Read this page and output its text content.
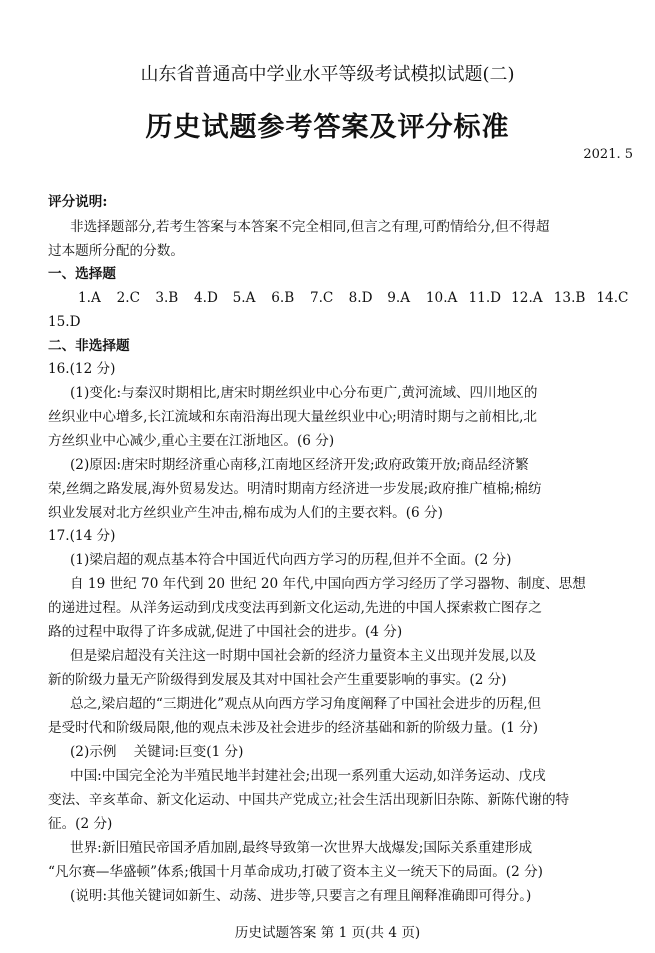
山东省普通高中学业水平等级考试模拟试题(二)
历史试题参考答案及评分标准
2021. 5
评分说明:
非选择题部分,若考生答案与本答案不完全相同,但言之有理,可酌情给分,但不得超
过本题所分配的分数。
一、选择题
1.A	2.C	3.B	4.D	5.A	6.B	7.C	8.D	9.A	10.A 11.D 12.A 13.B 14.C
15.D
二、非选择题
16.(12 分)
(1)变化:与秦汉时期相比,唐宋时期丝织业中心分布更广,黄河流域、四川地区的
丝织业中心增多,长江流域和东南沿海出现大量丝织业中心;明清时期与之前相比,北
方丝织业中心减少,重心主要在江浙地区。(6 分)
(2)原因:唐宋时期经济重心南移,江南地区经济开发;政府政策开放;商品经济繁
荣,丝绸之路发展,海外贸易发达。明清时期南方经济进一步发展;政府推广植棉;棉纺
织业发展对北方丝织业产生冲击,棉布成为人们的主要衣料。(6 分)
17.(14 分)
(1)梁启超的观点基本符合中国近代向西方学习的历程,但并不全面。(2 分)
自 19 世纪 70 年代到 20 世纪 20 年代,中国向西方学习经历了学习器物、制度、思想
的递进过程。从洋务运动到戊戌变法再到新文化运动,先进的中国人探索救亡图存之
路的过程中取得了许多成就,促进了中国社会的进步。(4 分)
但是梁启超没有关注这一时期中国社会新的经济力量资本主义出现并发展,以及
新的阶级力量无产阶级得到发展及其对中国社会产生重要影响的事实。(2 分)
总之,梁启超的“三期进化”观点从向西方学习角度阐释了中国社会进步的历程,但
是受时代和阶级局限,他的观点未涉及社会进步的经济基础和新的阶级力量。(1 分)
(2)示例    关键词:巨变(1 分)
中国:中国完全沦为半殖民地半封建社会;出现一系列重大运动,如洋务运动、戊戌
变法、辛亥革命、新文化运动、中国共产党成立;社会生活出现新旧杂陈、新陈代谢的特
征。(2 分)
世界:新旧殖民帝国矛盾加剧,最终导致第一次世界大战爆发;国际关系重建形成
“凡尔赛—华盛顿”体系;俄国十月革命成功,打破了资本主义一统天下的局面。(2 分)
(说明:其他关键词如新生、动荡、进步等,只要言之有理且阐释准确即可得分。)
历史试题答案 第 1 页(共 4 页)
